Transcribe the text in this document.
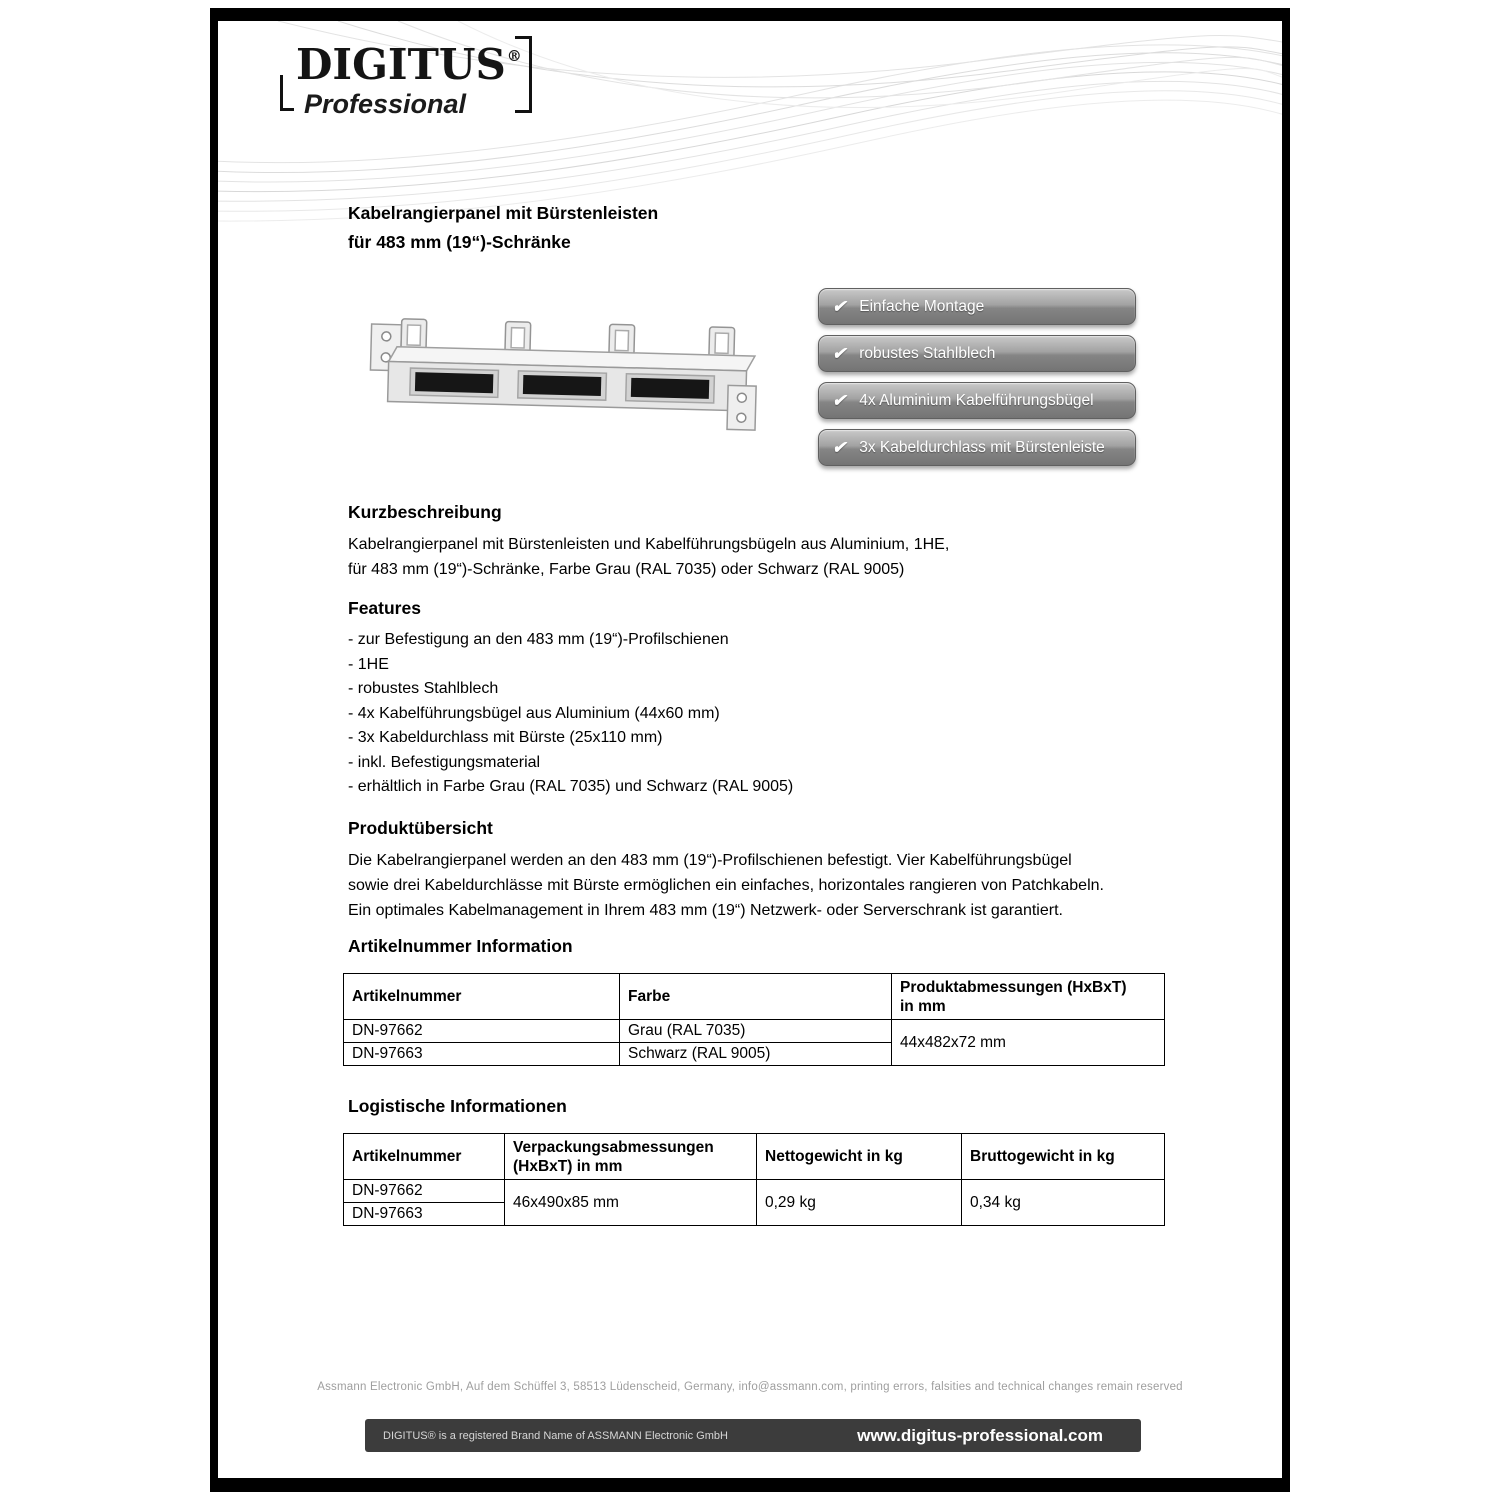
DIGITUS®
Professional
Kabelrangierpanel mit Bürstenleisten
für 483 mm (19“)-Schränke
✔ Einfache Montage
✔ robustes Stahlblech
✔ 4x Aluminium Kabelführungsbügel
✔ 3x Kabeldurchlass mit Bürstenleiste
Kurzbeschreibung
Kabelrangierpanel mit Bürstenleisten und Kabelführungsbügeln aus Aluminium, 1HE,
für 483 mm (19“)-Schränke, Farbe Grau (RAL 7035) oder Schwarz (RAL 9005)
Features
- zur Befestigung an den 483 mm (19“)-Profilschienen
- 1HE
- robustes Stahlblech
- 4x Kabelführungsbügel aus Aluminium (44x60 mm)
- 3x Kabeldurchlass mit Bürste (25x110 mm)
- inkl. Befestigungsmaterial
- erhältlich in Farbe Grau (RAL 7035) und Schwarz (RAL 9005)
Produktübersicht
Die Kabelrangierpanel werden an den 483 mm (19“)-Profilschienen befestigt. Vier Kabelführungsbügel
sowie drei Kabeldurchlässe mit Bürste ermöglichen ein einfaches, horizontales rangieren von Patchkabeln.
Ein optimales Kabelmanagement in Ihrem 483 mm (19“) Netzwerk- oder Serverschrank ist garantiert.
Artikelnummer Information
Artikelnummer	Farbe	Produktabmessungen (HxBxT)
in mm

DN-97662	Grau (RAL 7035)	44x482x72 mm
DN-97663	Schwarz (RAL 9005)	
Logistische Informationen
Artikelnummer	Verpackungsabmessungen
(HxBxT) in mm	Nettogewicht in kg	Bruttogewicht in kg
DN-97662	46x490x85 mm	0,29 kg	0,34 kg
DN-97663			
Assmann Electronic GmbH, Auf dem Schüffel 3, 58513 Lüdenscheid, Germany, info@assmann.com, printing errors, falsities and technical changes remain reserved
DIGITUS® is a registered Brand Name of ASSMANN Electronic GmbH	www.digitus-professional.com
